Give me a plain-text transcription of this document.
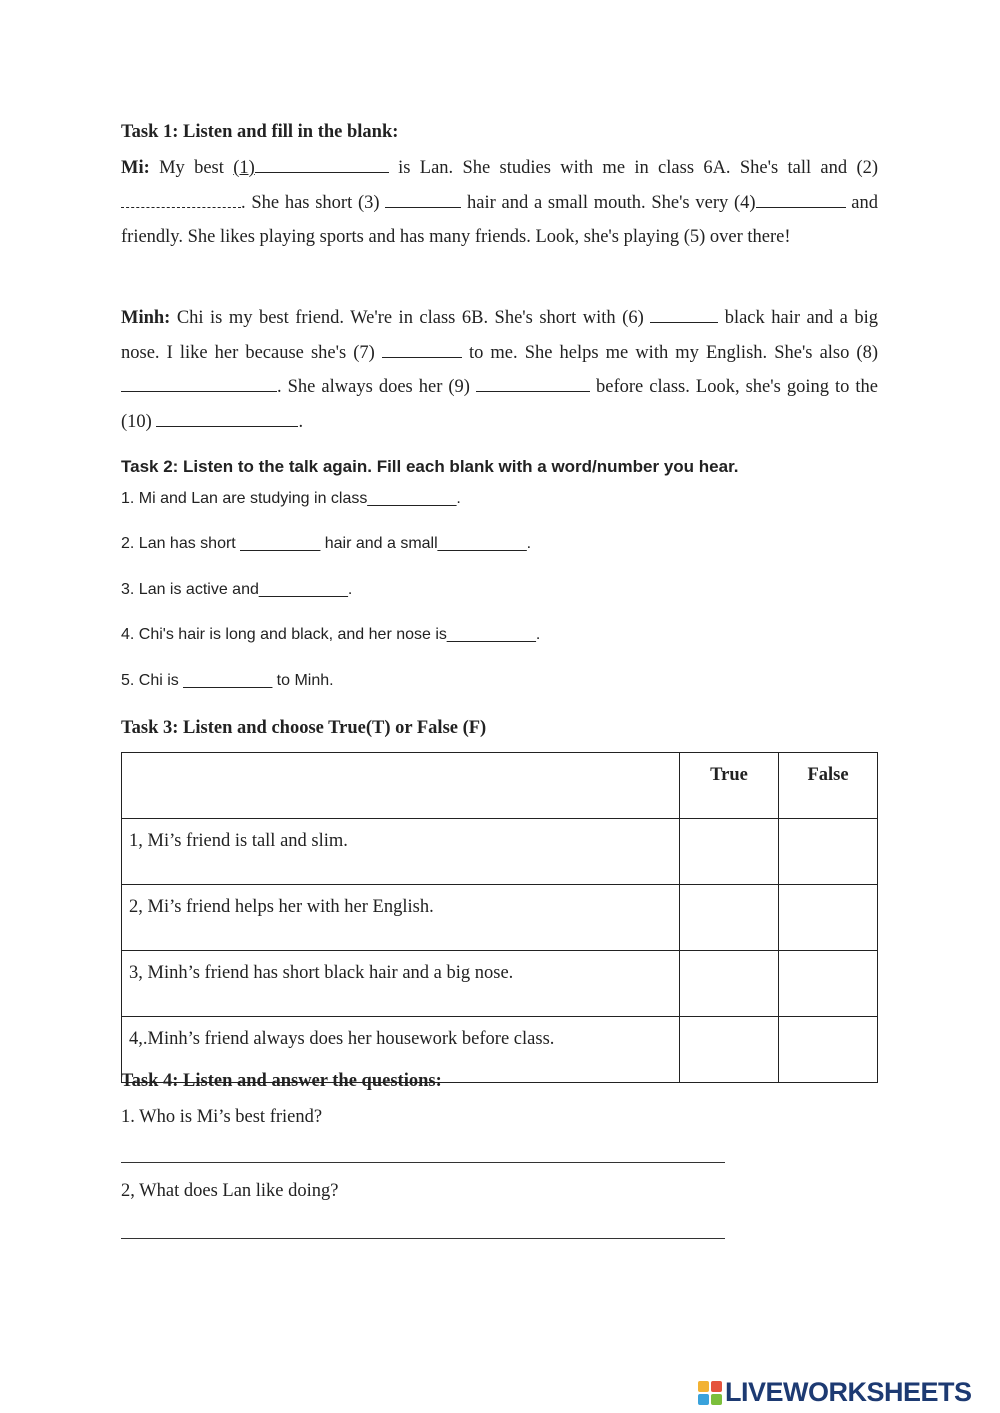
Task 1: Listen and fill in the blank:
Mi: My best (1)	is Lan. She studies with me in class 6A. She's tall and (2) . She has short (3)	hair and a small mouth. She's very (4)	and friendly. She likes playing sports and has many friends. Look, she's playing (5) over there!
Minh: Chi is my best friend. We're in class 6B. She's short with (6)	black hair and a big nose. I like her because she's (7)	to me. She helps me with my English. She's also (8) . She always does her (9)	before class. Look, she's going to the (10)	.
Task 2: Listen to the talk again. Fill each blank with a word/number you hear.
1. Mi and Lan are studying in class__________.
2. Lan has short _________ hair and a small__________.
3. Lan is active and__________.
4. Chi's hair is long and black, and her nose is__________.
5. Chi is __________ to Minh.
Task 3: Listen and choose True(T) or False (F)
	True	False
1, Mi’s friend is tall and slim.		
2, Mi’s friend helps her with her English.		
3, Minh’s friend has short black hair and a big nose.		
4,.Minh’s friend always does her housework before class.		
Task 4: Listen and answer the questions:
1. Who is Mi’s best friend?
2, What does Lan like doing?
LIVEWORKSHEETS
